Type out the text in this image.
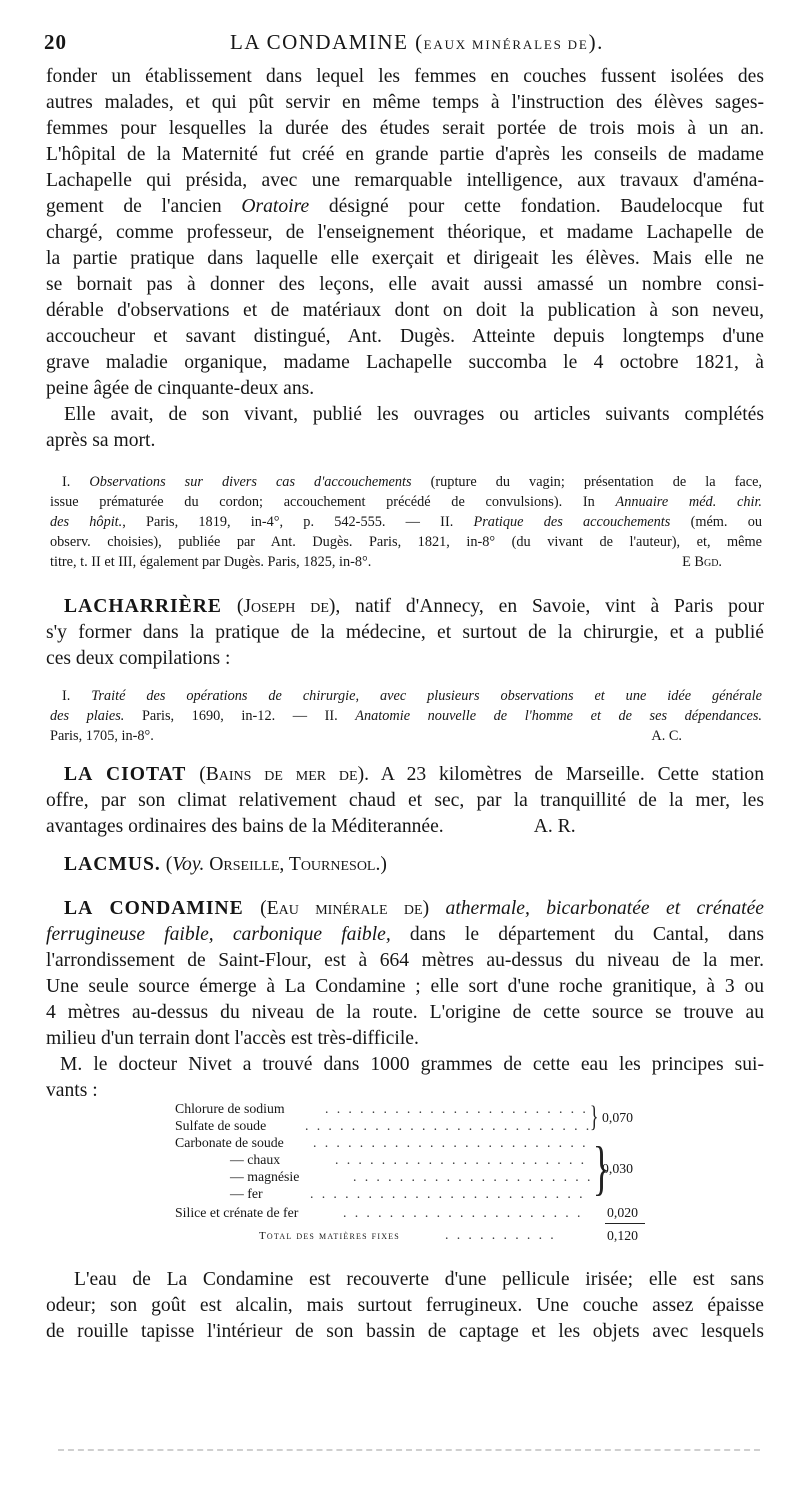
20	LA CONDAMINE (EAUX MINÉRALES DE).

fonder un établissement dans lequel les femmes en couches fussent isolées des

autres malades, et qui pût servir en même temps à l'instruction des élèves sages-

femmes pour lesquelles la durée des études serait portée de trois mois à un an.

L'hôpital de la Maternité fut créé en grande partie d'après les conseils de madame

Lachapelle qui présida, avec une remarquable intelligence, aux travaux d'aména-

gement de l'ancien Oratoire désigné pour cette fondation. Baudelocque fut

chargé, comme professeur, de l'enseignement théorique, et madame Lachapelle de

la partie pratique dans laquelle elle exerçait et dirigeait les élèves. Mais elle ne

se bornait pas à donner des leçons, elle avait aussi amassé un nombre consi-

dérable d'observations et de matériaux dont on doit la publication à son neveu,

accoucheur et savant distingué, Ant. Dugès. Atteinte depuis longtemps d'une

grave maladie organique, madame Lachapelle succomba le 4 octobre 1821, à

peine âgée de cinquante-deux ans.

Elle avait, de son vivant, publié les ouvrages ou articles suivants complétés

après sa mort.

I. Observations sur divers cas d'accouchements (rupture du vagin; présentation de la face,

issue prématurée du cordon; accouchement précédé de convulsions). In Annuaire méd. chir.

des hôpit., Paris, 1819, in-4°, p. 542-555. — II. Pratique des accouchements (mém. ou

observ. choisies), publiée par Ant. Dugès. Paris, 1821, in-8° (du vivant de l'auteur), et, même

titre, t. II et III, également par Dugès. Paris, 1825, in-8°.	E Bgd.

LACHARRIÈRE (Joseph de), natif d'Annecy, en Savoie, vint à Paris pour

s'y former dans la pratique de la médecine, et surtout de la chirurgie, et a publié

ces deux compilations :

I. Traité des opérations de chirurgie, avec plusieurs observations et une idée générale

des plaies. Paris, 1690, in-12. — II. Anatomie nouvelle de l'homme et de ses dépendances.

Paris, 1705, in-8°.	A. C.

LA CIOTAT (Bains de mer de). A 23 kilomètres de Marseille. Cette station

offre, par son climat relativement chaud et sec, par la tranquillité de la mer, les

avantages ordinaires des bains de la Méditerannée.	A. R.

LACMUS. (Voy. Orseille, Tournesol.)

LA CONDAMINE (Eau minérale de) athermale, bicarbonatée et crénatée

ferrugineuse faible, carbonique faible, dans le département du Cantal, dans

l'arrondissement de Saint-Flour, est à 664 mètres au-dessus du niveau de la mer.

Une seule source émerge à La Condamine ; elle sort d'une roche granitique, à 3 ou

4 mètres au-dessus du niveau de la route. L'origine de cette source se trouve au

milieu d'un terrain dont l'accès est très-difficile.

M. le docteur Nivet a trouvé dans 1000 grammes de cette eau les principes sui-

vants :

Chlorure de sodium	. . . . . . . . . . . . . . . . . . . . . . .
Sulfate de soude	. . . . . . . . . . . . . . . . . . . . . . . . .
} 0,070
Carbonate de soude . . . . . . . . . . . . . . . . . . . . . . . .
— chaux	. . . . . . . . . . . . . . . . . . . . . .
— magnésie	. . . . . . . . . . . . . . . . . . . . .
— fer	. . . . . . . . . . . . . . . . . . . . . . . . }
0,030
Silice et crénate de fer	. . . . . . . . . . . . . . . . . . . . . 0,020
Total des matières fixes	. . . . . . . . . .	0,120

L'eau de La Condamine est recouverte d'une pellicule irisée; elle est sans

odeur; son goût est alcalin, mais surtout ferrugineux. Une couche assez épaisse

de rouille tapisse l'intérieur de son bassin de captage et les objets avec lesquels
